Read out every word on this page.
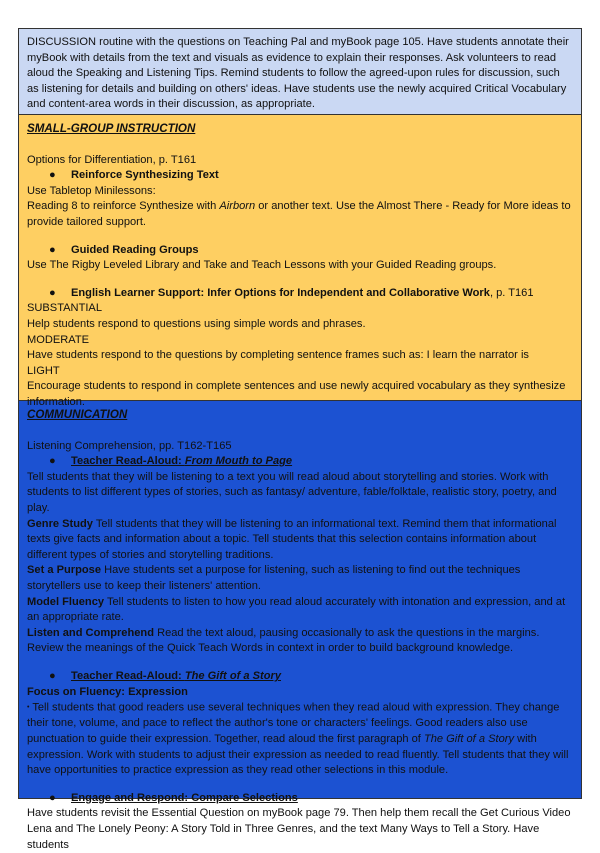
DISCUSSION routine with the questions on Teaching Pal and myBook page 105. Have students annotate their myBook with details from the text and visuals as evidence to explain their responses. Ask volunteers to read aloud the Speaking and Listening Tips. Remind students to follow the agreed-upon rules for discussion, such as listening for details and building on others' ideas. Have students use the newly acquired Critical Vocabulary and content-area words in their discussion, as appropriate.

SMALL-GROUP INSTRUCTION

Options for Differentiation, p. T161

● Reinforce Synthesizing Text

Use Tabletop Minilessons:

Reading 8 to reinforce Synthesize with Airborn or another text. Use the Almost There - Ready for More ideas to provide tailored support.

● Guided Reading Groups

Use The Rigby Leveled Library and Take and Teach Lessons with your Guided Reading groups.

● English Learner Support: Infer Options for Independent and Collaborative Work, p. T161

SUBSTANTIAL

Help students respond to questions using simple words and phrases.

MODERATE

Have students respond to the questions by completing sentence frames such as: I learn the narrator is

LIGHT

Encourage students to respond in complete sentences and use newly acquired vocabulary as they synthesize information.

COMMUNICATION

Listening Comprehension, pp. T162-T165

● Teacher Read-Aloud: From Mouth to Page

Tell students that they will be listening to a text you will read aloud about storytelling and stories. Work with students to list different types of stories, such as fantasy/ adventure, fable/folktale, realistic story, poetry, and play.

Genre Study Tell students that they will be listening to an informational text. Remind them that informational texts give facts and information about a topic. Tell students that this selection contains information about different types of stories and storytelling traditions.

Set a Purpose Have students set a purpose for listening, such as listening to find out the techniques storytellers use to keep their listeners' attention.

Model Fluency Tell students to listen to how you read aloud accurately with intonation and expression, and at an appropriate rate.

Listen and Comprehend Read the text aloud, pausing occasionally to ask the questions in the margins. Review the meanings of the Quick Teach Words in context in order to build background knowledge.

● Teacher Read-Aloud: The Gift of a Story

Focus on Fluency: Expression

• Tell students that good readers use several techniques when they read aloud with expression. They change their tone, volume, and pace to reflect the author's tone or characters' feelings. Good readers also use punctuation to guide their expression. Together, read aloud the first paragraph of The Gift of a Story with expression. Work with students to adjust their expression as needed to read fluently. Tell students that they will have opportunities to practice expression as they read other selections in this module.

● Engage and Respond: Compare Selections

Have students revisit the Essential Question on myBook page 79. Then help them recall the Get Curious Video Lena and The Lonely Peony: A Story Told in Three Genres, and the text Many Ways to Tell a Story. Have students
